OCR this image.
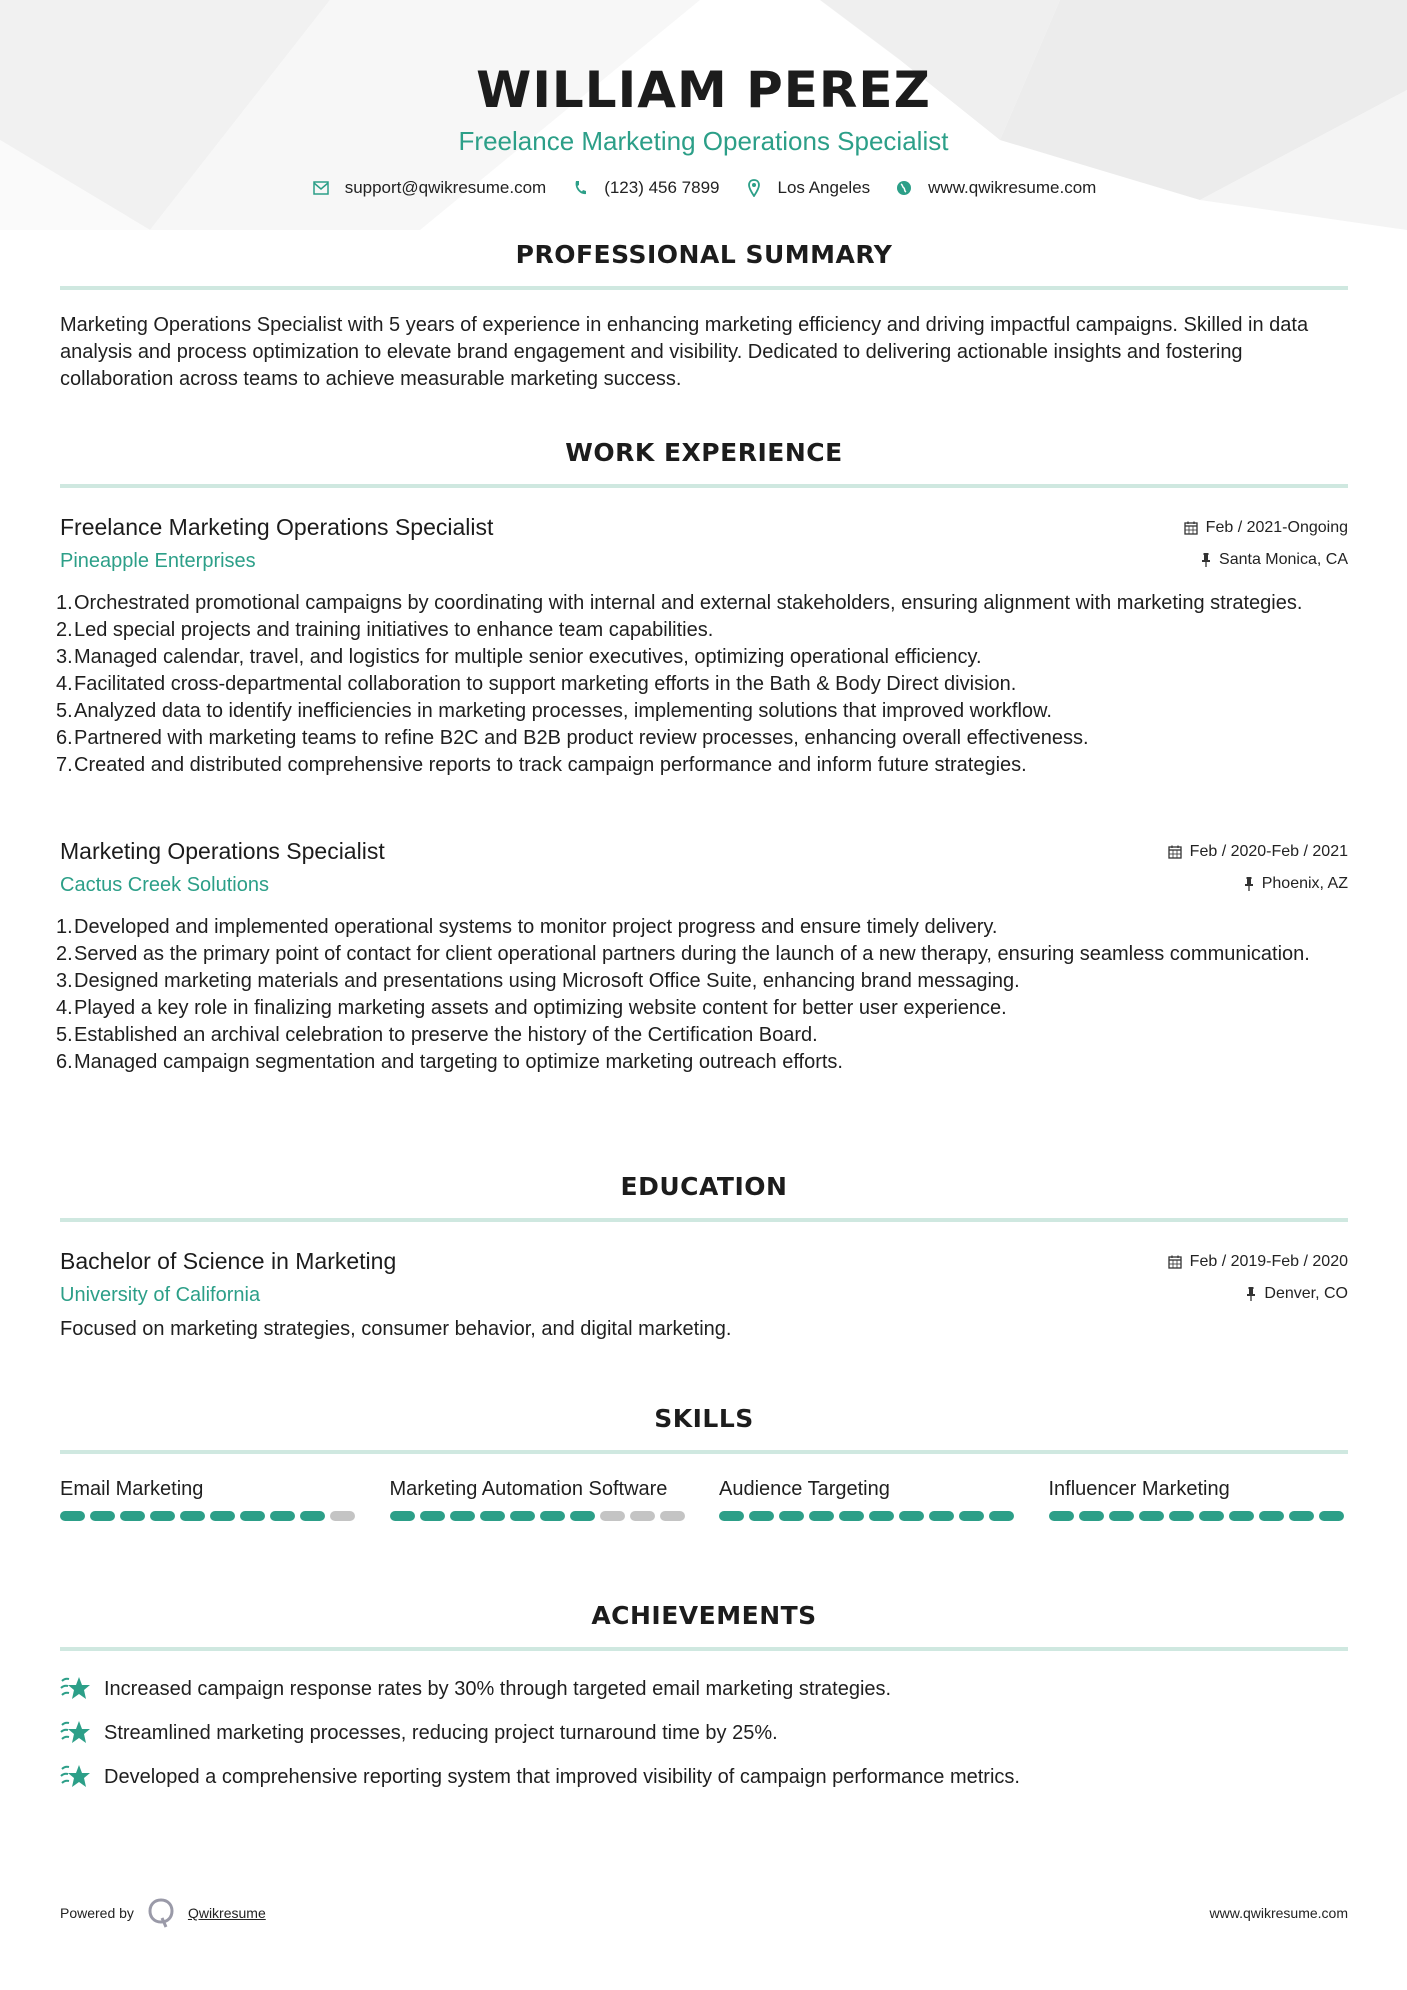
WILLIAM PEREZ
Freelance Marketing Operations Specialist
support@qwikresume.com	(123) 456 7899	Los Angeles	www.qwikresume.com
PROFESSIONAL SUMMARY
Marketing Operations Specialist with 5 years of experience in enhancing marketing efficiency and driving impactful campaigns. Skilled in data analysis and process optimization to elevate brand engagement and visibility. Dedicated to delivering actionable insights and fostering collaboration across teams to achieve measurable marketing success.
WORK EXPERIENCE
Freelance Marketing Operations Specialist
Pineapple Enterprises
Feb / 2021-Ongoing
Santa Monica, CA
1. Orchestrated promotional campaigns by coordinating with internal and external stakeholders, ensuring alignment with marketing strategies.
2. Led special projects and training initiatives to enhance team capabilities.
3. Managed calendar, travel, and logistics for multiple senior executives, optimizing operational efficiency.
4. Facilitated cross-departmental collaboration to support marketing efforts in the Bath & Body Direct division.
5. Analyzed data to identify inefficiencies in marketing processes, implementing solutions that improved workflow.
6. Partnered with marketing teams to refine B2C and B2B product review processes, enhancing overall effectiveness.
7. Created and distributed comprehensive reports to track campaign performance and inform future strategies.
Marketing Operations Specialist
Cactus Creek Solutions
Feb / 2020-Feb / 2021
Phoenix, AZ
1. Developed and implemented operational systems to monitor project progress and ensure timely delivery.
2. Served as the primary point of contact for client operational partners during the launch of a new therapy, ensuring seamless communication.
3. Designed marketing materials and presentations using Microsoft Office Suite, enhancing brand messaging.
4. Played a key role in finalizing marketing assets and optimizing website content for better user experience.
5. Established an archival celebration to preserve the history of the Certification Board.
6. Managed campaign segmentation and targeting to optimize marketing outreach efforts.
EDUCATION
Bachelor of Science in Marketing
University of California
Feb / 2019-Feb / 2020
Denver, CO
Focused on marketing strategies, consumer behavior, and digital marketing.
SKILLS
Email Marketing	Marketing Automation Software	Audience Targeting	Influencer Marketing
ACHIEVEMENTS
Increased campaign response rates by 30% through targeted email marketing strategies.
Streamlined marketing processes, reducing project turnaround time by 25%.
Developed a comprehensive reporting system that improved visibility of campaign performance metrics.
Powered by	Qwikresume	www.qwikresume.com
